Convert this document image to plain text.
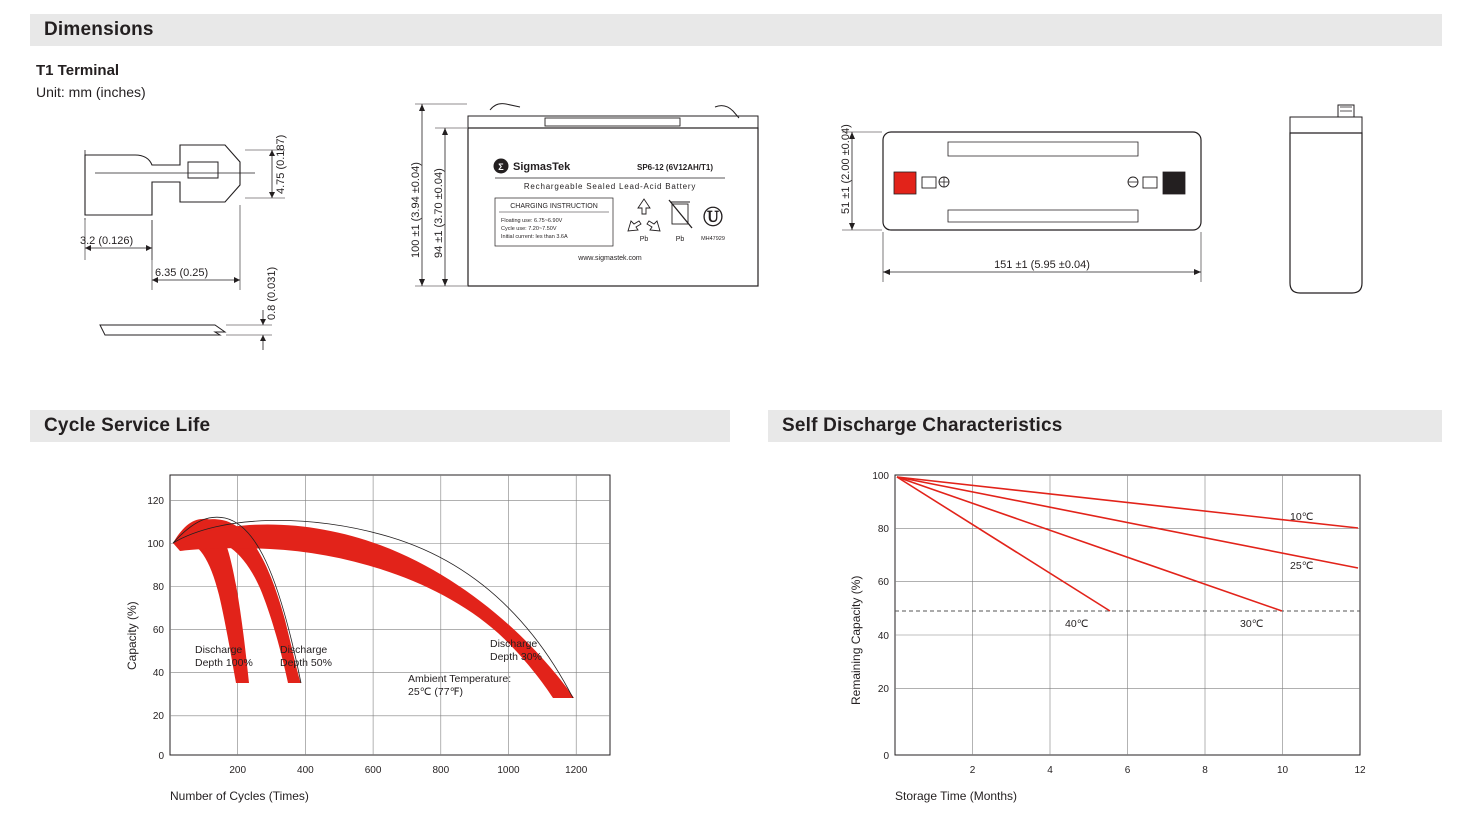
Dimensions
T1 Terminal
Unit: mm (inches)
4.75 (0.187)
3.2 (0.126)
6.35 (0.25)	0.8 (0.031)
Σ SigmasTek	SP6-12 (6V12AH/T1)
Rechargeable Sealed Lead-Acid Battery
CHARGING INSTRUCTION
Floating use: 6.75~6.90V
Cycle use: 7.20~7.50V
Initial current: les than 3.6A	Pb	Pb
Ⓤ
MH47929
www.sigmastek.com
100 ±1 (3.94 ±0.04) 94 ±1 (3.70 ±0.04)	51 ±1 (2.00 ±0.04)
151 ±1 (5.95 ±0.04)
Cycle Service Life
120
100
80
60
40
20
0
200	400	600	800	1000	1200
Discharge
Depth 100%
Discharge
Depth 50%
Discharge
Depth 30%
Ambient Temperature:
25℃ (77℉)
Capacity (%)
Number of Cycles (Times)
Self Discharge Characteristics
100
80
60
40
20
0
2	4	6	8	10	12
10℃
25℃
40℃	30℃
Remaining Capacity (%)
Storage Time (Months)
